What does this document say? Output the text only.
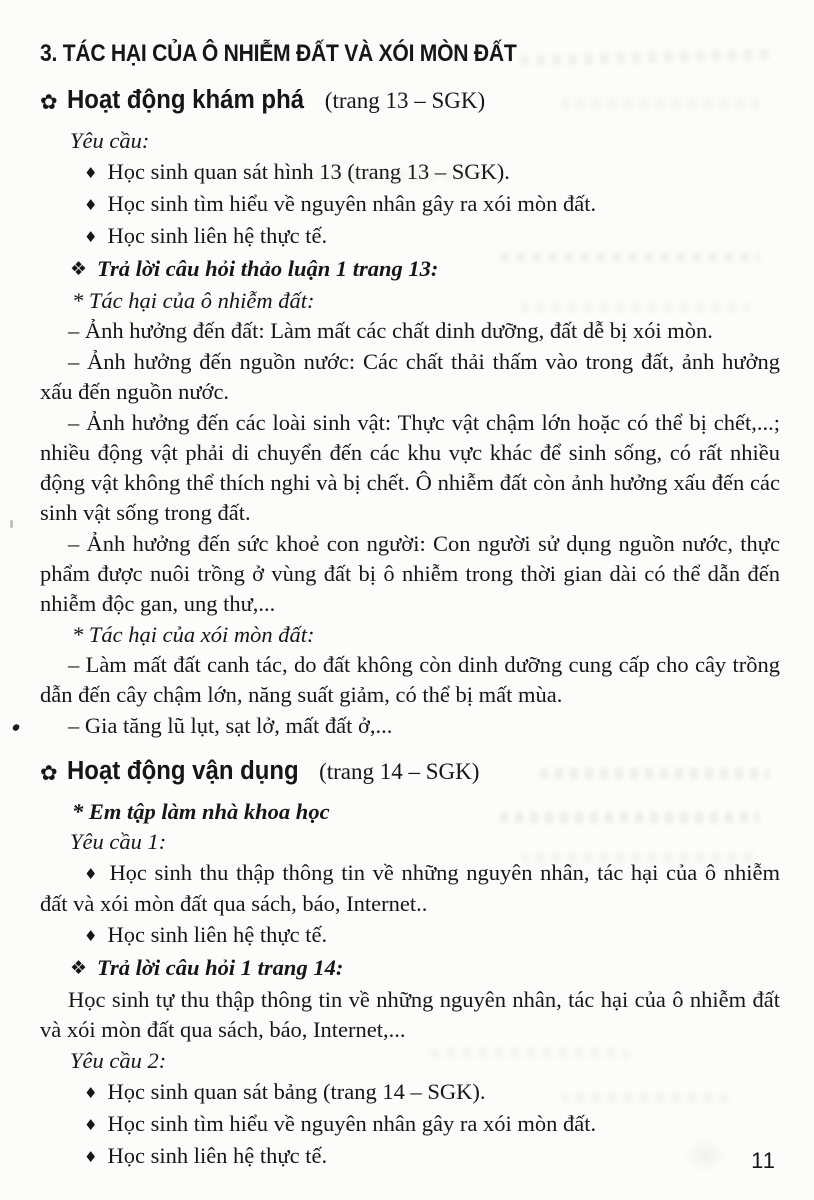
3. TÁC HẠI CỦA Ô NHIỄM ĐẤT VÀ XÓI MÒN ĐẤT
✿ Hoạt động khám phá (trang 13 – SGK)

Yêu cầu:

♦ Học sinh quan sát hình 13 (trang 13 – SGK).

♦ Học sinh tìm hiểu về nguyên nhân gây ra xói mòn đất.

♦ Học sinh liên hệ thực tế.

❖ Trả lời câu hỏi thảo luận 1 trang 13:

* Tác hại của ô nhiễm đất:

– Ảnh hưởng đến đất: Làm mất các chất dinh dưỡng, đất dễ bị xói mòn.

– Ảnh hưởng đến nguồn nước: Các chất thải thấm vào trong đất, ảnh hưởng xấu đến nguồn nước.

– Ảnh hưởng đến các loài sinh vật: Thực vật chậm lớn hoặc có thể bị chết,...; nhiều động vật phải di chuyển đến các khu vực khác để sinh sống, có rất nhiều động vật không thể thích nghi và bị chết. Ô nhiễm đất còn ảnh hưởng xấu đến các sinh vật sống trong đất.

– Ảnh hưởng đến sức khoẻ con người: Con người sử dụng nguồn nước, thực phẩm được nuôi trồng ở vùng đất bị ô nhiễm trong thời gian dài có thể dẫn đến nhiễm độc gan, ung thư,...

* Tác hại của xói mòn đất:

– Làm mất đất canh tác, do đất không còn dinh dưỡng cung cấp cho cây trồng dẫn đến cây chậm lớn, năng suất giảm, có thể bị mất mùa.

– Gia tăng lũ lụt, sạt lở, mất đất ở,...

✿ Hoạt động vận dụng (trang 14 – SGK)

* Em tập làm nhà khoa học

Yêu cầu 1:

♦ Học sinh thu thập thông tin về những nguyên nhân, tác hại của ô nhiễm đất và xói mòn đất qua sách, báo, Internet..

♦ Học sinh liên hệ thực tế.

❖ Trả lời câu hỏi 1 trang 14:

Học sinh tự thu thập thông tin về những nguyên nhân, tác hại của ô nhiễm đất và xói mòn đất qua sách, báo, Internet,...

Yêu cầu 2:

♦ Học sinh quan sát bảng (trang 14 – SGK).

♦ Học sinh tìm hiểu về nguyên nhân gây ra xói mòn đất.

♦ Học sinh liên hệ thực tế.	11
